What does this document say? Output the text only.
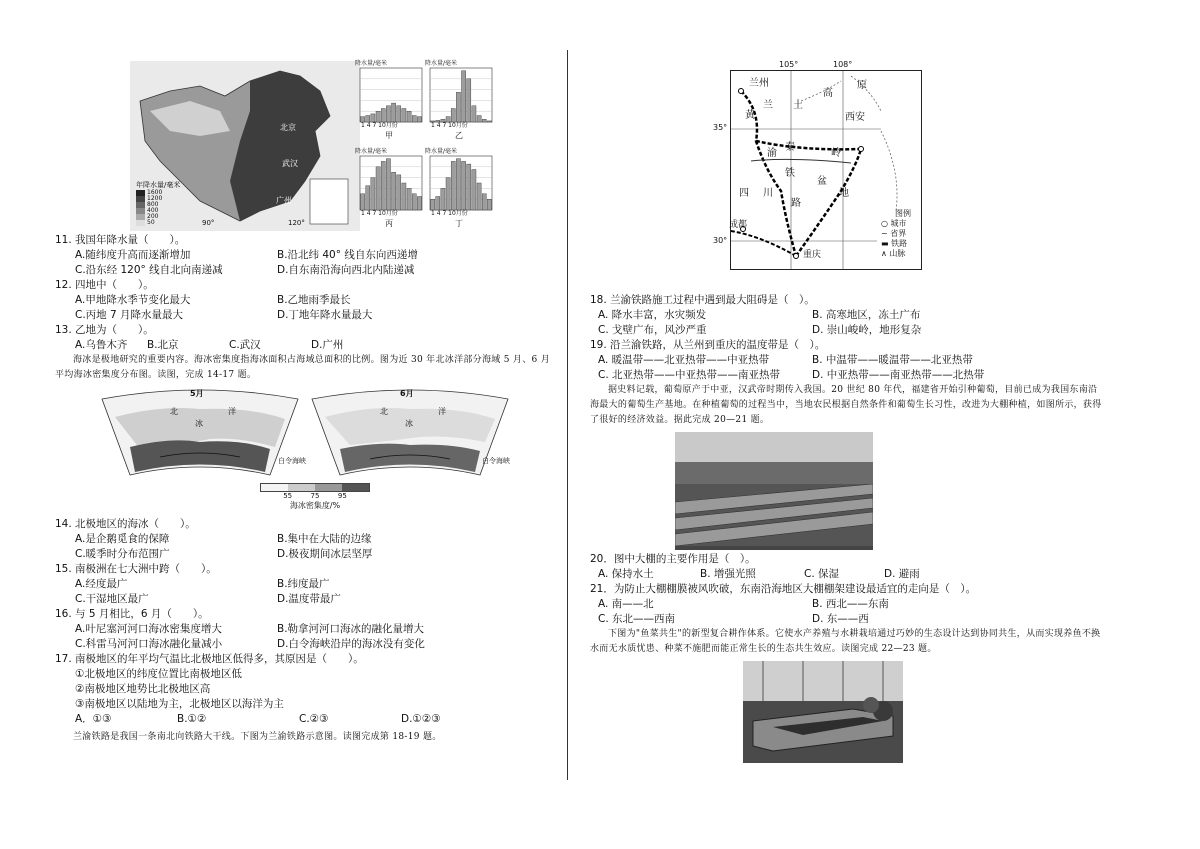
北京
武汉
广州
90°	120°
年降水量/毫米
1600
1200
800
400
200
50
降水量/毫米
1 4 7 10月份
甲
降水量/毫米
1 4 7 10月份
乙
降水量/毫米
1 4 7 10月份
丙
降水量/毫米
1 4 7 10月份
丁

11. 我国年降水量（　　）。

A.随纬度升高而逐渐增加	B.沿北纬 40° 线自东向西递增
C.沿东经 120° 线自北向南递减	D.自东南沿海向西北内陆递减

12. 四地中（　　）。

A.甲地降水季节变化最大	B.乙地雨季最长
C.丙地 7 月降水量最大	D.丁地年降水量最大

13. 乙地为（　　）。

A.乌鲁木齐	B.北京	C.武汉	D.广州

海冰是极地研究的重要内容。海冰密集度指海冰面积占海域总面积的比例。图为近 30 年北冰洋部分海域 5 月、6 月平均海冰密集度分布图。读图，完成 14-17 题。

5月
北
冰
洋
白令海峡
6月
北
冰
洋
白令海峡
55	75	95
海冰密集度/%

14. 北极地区的海冰（　　）。

A.是企鹅觅食的保障	B.集中在大陆的边缘
C.暖季时分布范围广	D.极夜期间冰层坚厚

15. 南极洲在七大洲中跨（　　）。

A.经度最广	B.纬度最广
C.干湿地区最广	D.温度带最广

16. 与 5 月相比，6 月（　　）。

A.叶尼塞河河口海冰密集度增大	B.勒拿河河口海冰的融化量增大
C.科雷马河河口海冰融化量减小	D.白令海峡沿岸的海冰没有变化

17. 南极地区的年平均气温比北极地区低得多，其原因是（　　）。

①北极地区的纬度位置比南极地区低
②南极地区地势比北极地区高
③南极地区以陆地为主，北极地区以海洋为主
A．①③	B.①②	C.②③	D.①②③

兰渝铁路是我国一条南北向铁路大干线。下图为兰渝铁路示意图。读图完成第 18-19 题。

105°	108°
35°
30°
兰州
黄
兰 土
高
原
西安
渝
秦
岭
铁
四 川
盆
路
地
成都
重庆
图例
○ 城市
~ 省界
▬ 铁路
∧ 山脉

18. 兰渝铁路施工过程中遇到最大阻碍是（　）。

A. 降水丰富，水灾频发	B. 高寒地区，冻土广布
C. 戈壁广布，风沙严重	D. 崇山峻岭，地形复杂

19. 沿兰渝铁路，从兰州到重庆的温度带是（　）。

A. 暖温带——北亚热带——中亚热带	B. 中温带——暖温带——北亚热带
C. 北亚热带——中亚热带——南亚热带	D. 中亚热带——南亚热带——北热带

据史料记载，葡萄原产于中亚，汉武帝时期传入我国。20 世纪 80 年代，福建省开始引种葡萄，目前已成为我国东南沿海最大的葡萄生产基地。在种植葡萄的过程当中，当地农民根据自然条件和葡萄生长习性，改进为大棚种植，如图所示，获得了很好的经济效益。据此完成 20—21 题。

20．图中大棚的主要作用是（　）。

A. 保持水土	B. 增强光照	C. 保湿	D. 避雨

21．为防止大棚棚膜被风吹破，东南沿海地区大棚棚架建设最适宜的走向是（　）。

A. 南——北	B. 西北——东南
C. 东北——西南	D. 东——西

下图为"鱼菜共生"的新型复合耕作体系。它使水产养殖与水耕栽培通过巧妙的生态设计达到协同共生，从而实现养鱼不换水而无水质忧患、种菜不施肥而能正常生长的生态共生效应。读图完成 22—23 题。
